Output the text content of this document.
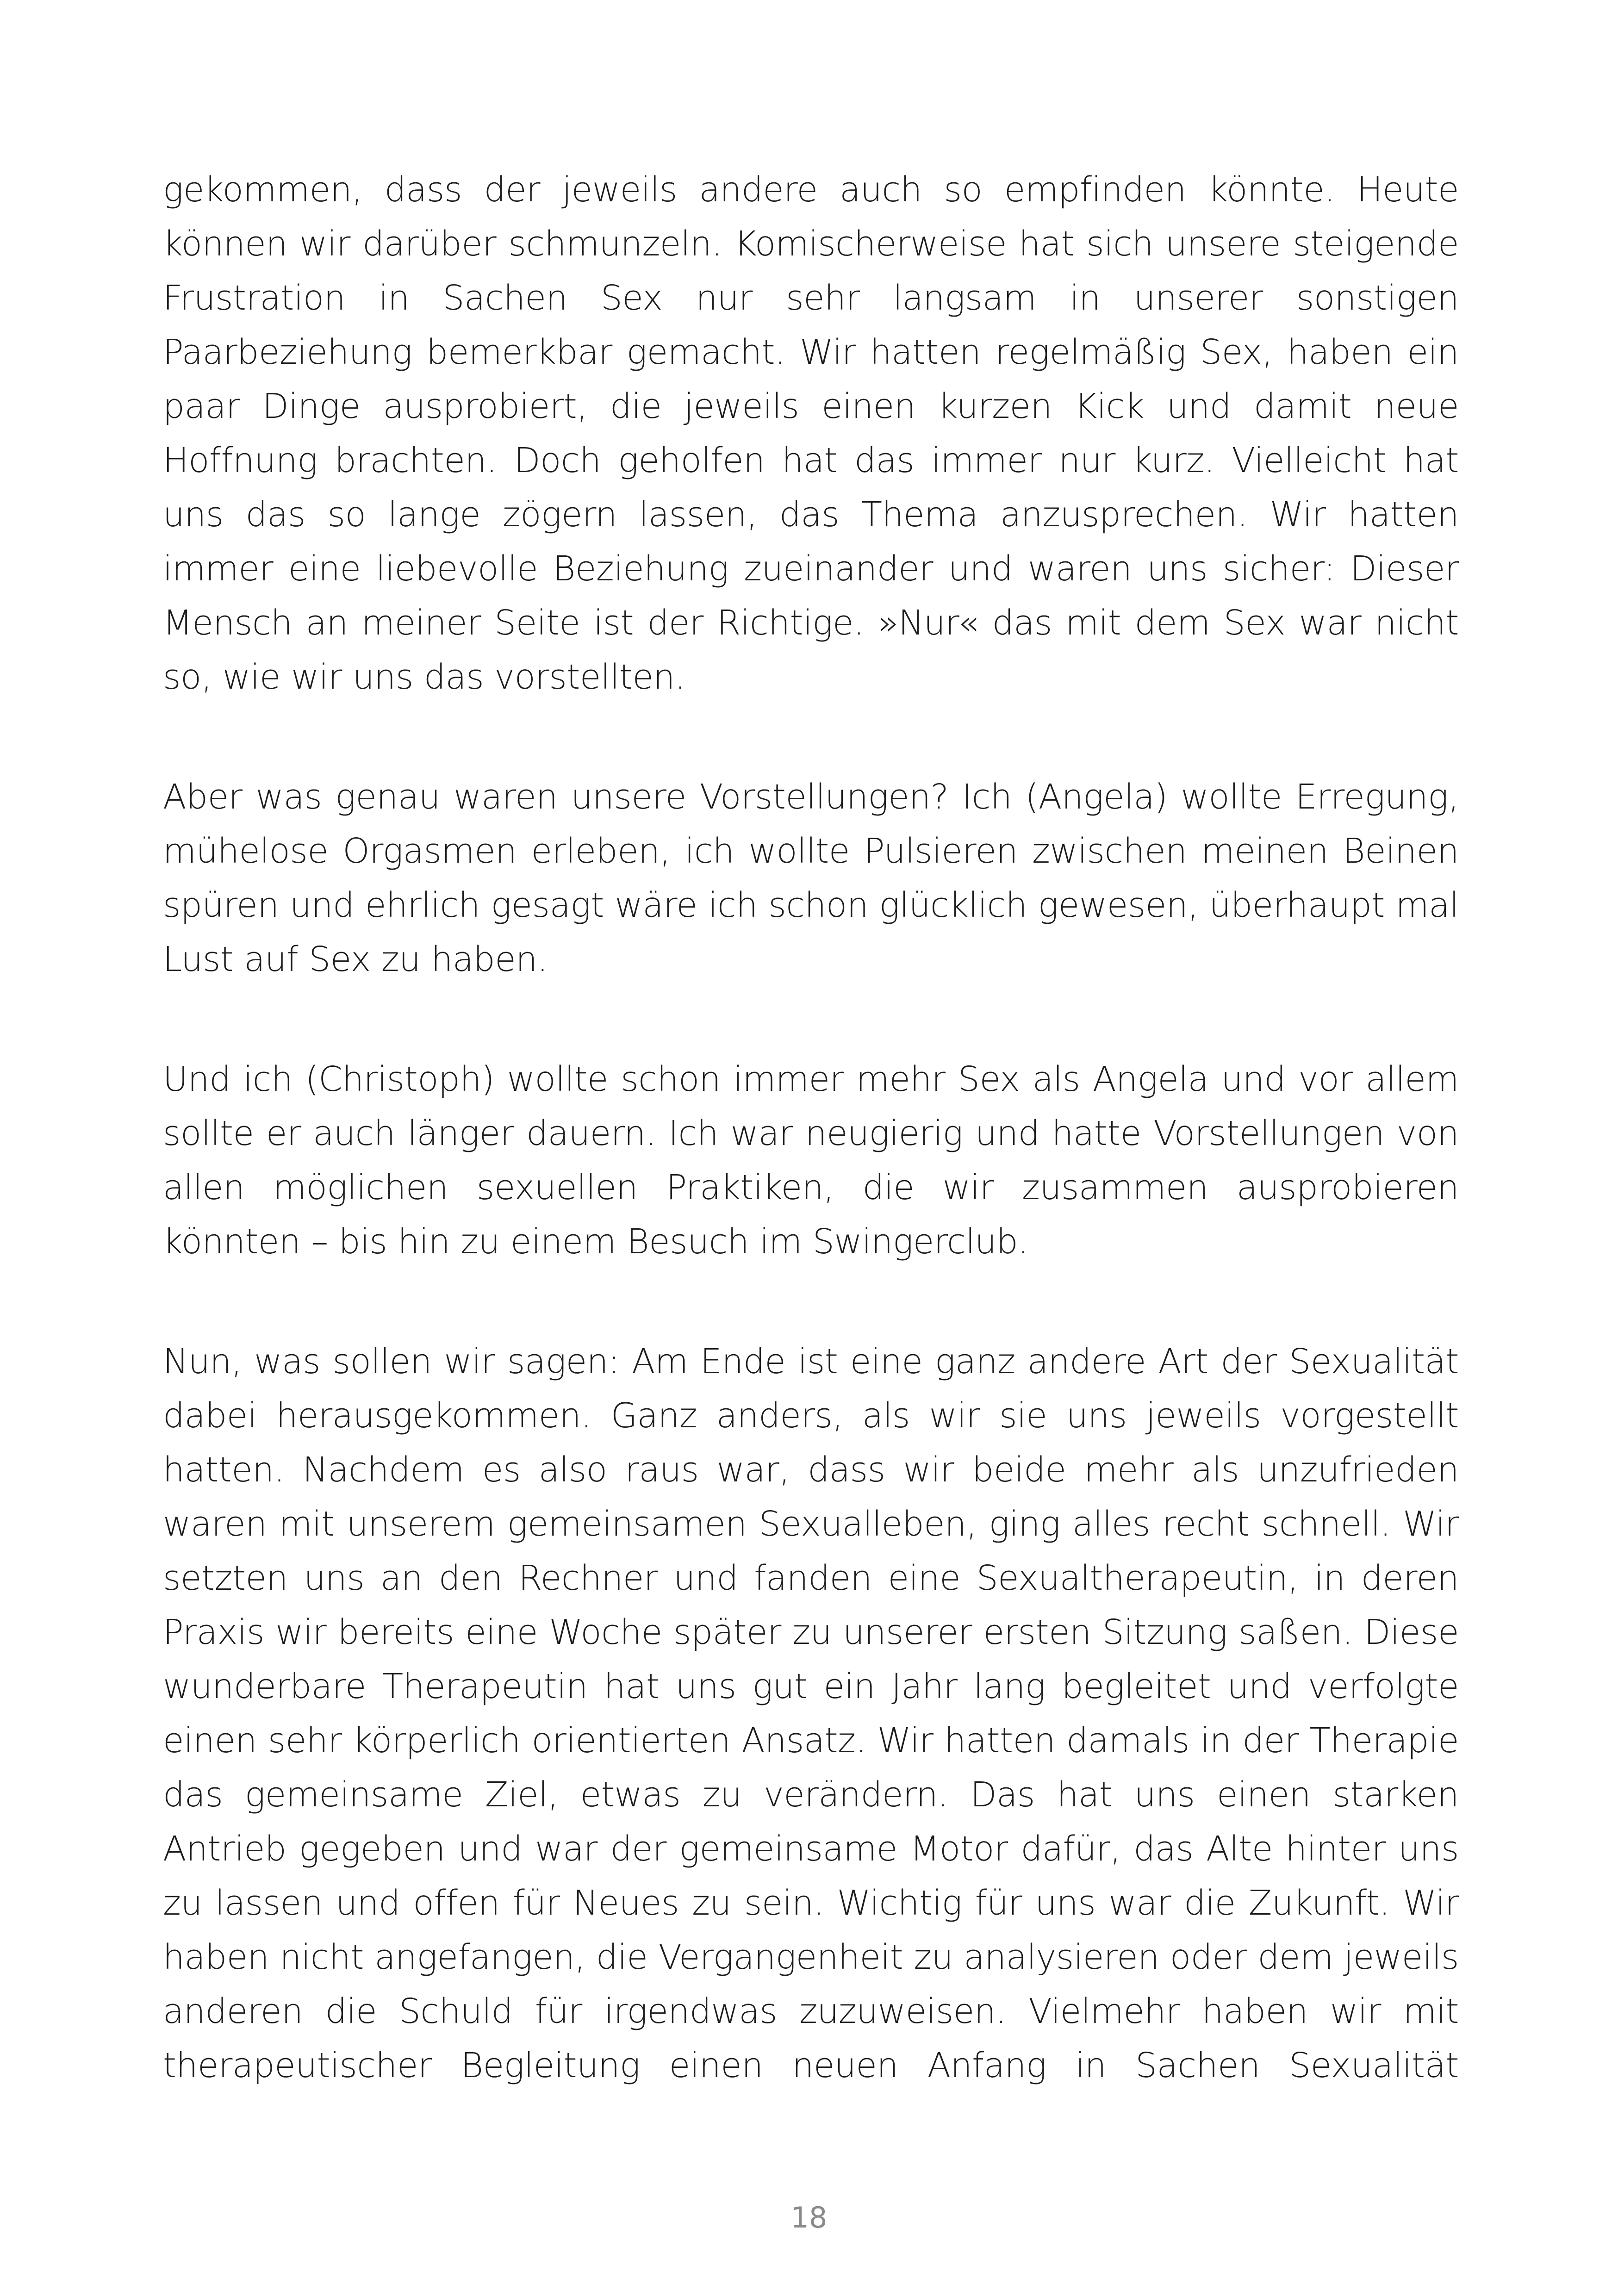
gekommen, dass der jeweils andere auch so empfinden könnte. Heute können wir darüber schmunzeln. Komischerweise hat sich unsere steigende Frustration in Sachen Sex nur sehr langsam in unserer sonstigen Paarbeziehung bemerkbar gemacht. Wir hatten regelmäßig Sex, haben ein paar Dinge ausprobiert, die jeweils einen kurzen Kick und damit neue Hoffnung brachten. Doch geholfen hat das immer nur kurz. Vielleicht hat uns das so lange zögern lassen, das Thema anzusprechen. Wir hatten immer eine liebevolle Beziehung zueinander und waren uns sicher: Dieser Mensch an meiner Seite ist der Richtige. »Nur« das mit dem Sex war nicht so, wie wir uns das vorstellten.

Aber was genau waren unsere Vorstellungen? Ich (Angela) wollte Erregung, mühelose Orgasmen erleben, ich wollte Pulsieren zwischen meinen Beinen spüren und ehrlich gesagt wäre ich schon glücklich gewesen, überhaupt mal Lust auf Sex zu haben.

Und ich (Christoph) wollte schon immer mehr Sex als Angela und vor allem sollte er auch länger dauern. Ich war neugierig und hatte Vorstellungen von allen möglichen sexuellen Praktiken, die wir zusammen ausprobieren könnten – bis hin zu einem Besuch im Swingerclub.

Nun, was sollen wir sagen: Am Ende ist eine ganz andere Art der Sexualität dabei herausgekommen. Ganz anders, als wir sie uns jeweils vorgestellt hatten. Nachdem es also raus war, dass wir beide mehr als unzufrieden waren mit unserem gemeinsamen Sexualleben, ging alles recht schnell. Wir setzten uns an den Rechner und fanden eine Sexualtherapeutin, in deren Praxis wir bereits eine Woche später zu unserer ersten Sitzung saßen. Diese wunderbare Therapeutin hat uns gut ein Jahr lang begleitet und verfolgte einen sehr körperlich orientierten Ansatz. Wir hatten damals in der Therapie das gemeinsame Ziel, etwas zu verändern. Das hat uns einen starken Antrieb gegeben und war der gemeinsame Motor dafür, das Alte hinter uns zu lassen und offen für Neues zu sein. Wichtig für uns war die Zukunft. Wir haben nicht angefangen, die Vergangenheit zu analysieren oder dem jeweils anderen die Schuld für irgendwas zuzuweisen. Vielmehr haben wir mit therapeutischer Begleitung einen neuen Anfang in Sachen Sexualität

18
